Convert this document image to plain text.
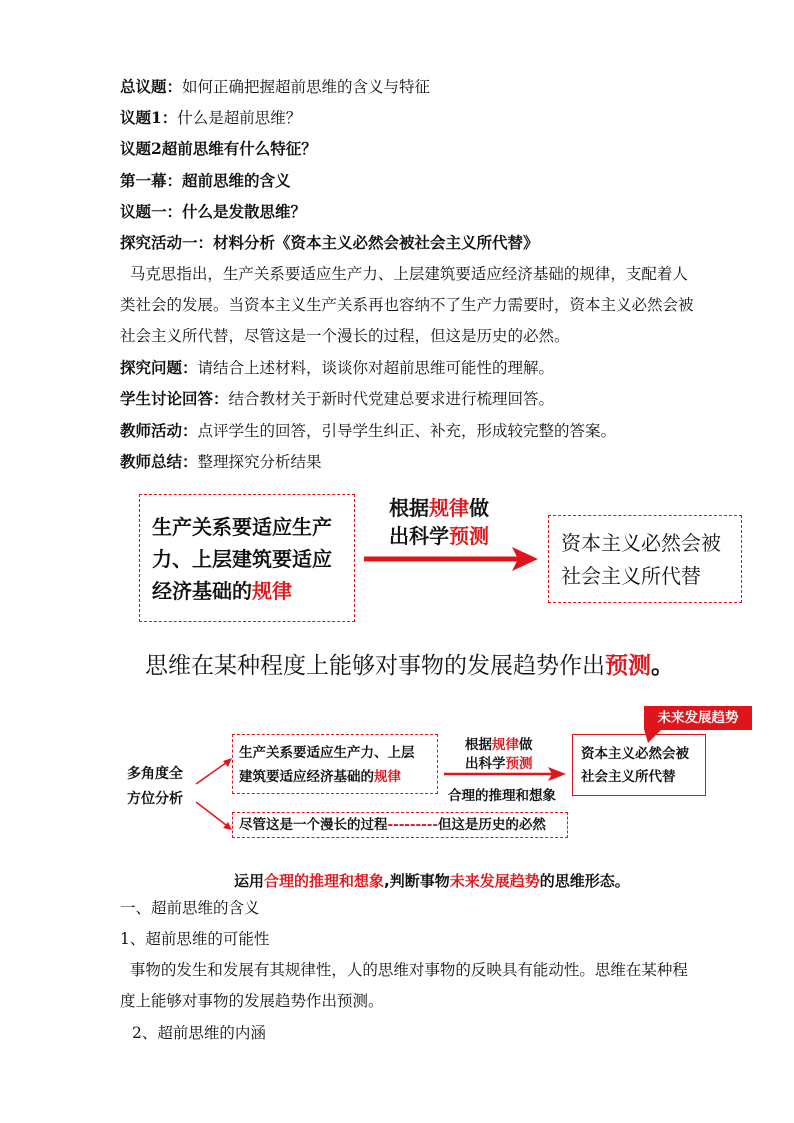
总议题：如何正确把握超前思维的含义与特征
议题1：什么是超前思维？
议题2超前思维有什么特征？
第一幕：超前思维的含义
议题一：什么是发散思维？
探究活动一：材料分析《资本主义必然会被社会主义所代替》
马克思指出，生产关系要适应生产力、上层建筑要适应经济基础的规律，支配着人类社会的发展。当资本主义生产关系再也容纳不了生产力需要时，资本主义必然会被社会主义所代替，尽管这是一个漫长的过程，但这是历史的必然。
探究问题：请结合上述材料，谈谈你对超前思维可能性的理解。
学生讨论回答：结合教材关于新时代党建总要求进行梳理回答。
教师活动：点评学生的回答，引导学生纠正、补充，形成较完整的答案。
教师总结：整理探究分析结果
生产关系要适应生产
力、上层建筑要适应
经济基础的规律
根据规律做
出科学预测	资本主义必然会被
社会主义所代替
思维在某种程度上能够对事物的发展趋势作出预测。
多角度全
方位分析
生产关系要适应生产力、上层
建筑要适应经济基础的规律
根据规律做
出科学预测
合理的推理和想象
资本主义必然会被
社会主义所代替
未来发展趋势
尽管这是一个漫长的过程---------但这是历史的必然
运用合理的推理和想象,判断事物未来发展趋势的思维形态。
一、超前思维的含义
1、超前思维的可能性
事物的发生和发展有其规律性，人的思维对事物的反映具有能动性。思维在某种程度上能够对事物的发展趋势作出预测。
2、超前思维的内涵
